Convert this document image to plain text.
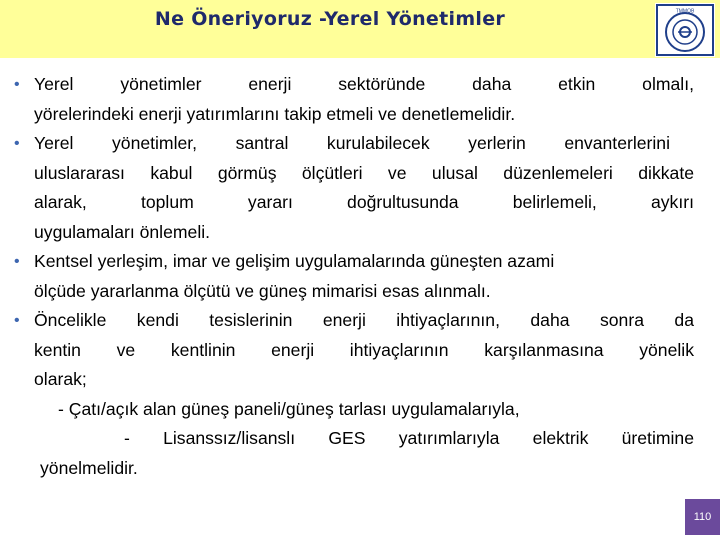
Ne Öneriyoruz -Yerel Yönetimler	TMMOB
• Yerel yönetimler enerji sektöründe daha etkin olmalı,
yörelerindeki enerji yatırımlarını takip etmeli ve denetlemelidir.
• Yerel yönetimler, santral kurulabilecek yerlerin envanterlerini
uluslararası kabul görmüş ölçütleri ve ulusal düzenlemeleri dikkate
alarak, toplum yararı doğrultusunda belirlemeli, aykırı
uygulamaları önlemeli.
• Kentsel yerleşim, imar ve gelişim uygulamalarında güneşten azami
ölçüde yararlanma ölçütü ve güneş mimarisi esas alınmalı.
• Öncelikle kendi tesislerinin enerji ihtiyaçlarının, daha sonra da
kentin ve kentlinin enerji ihtiyaçlarının karşılanmasına yönelik
olarak;
- Çatı/açık alan güneş paneli/güneş tarlası uygulamalarıyla,
- Lisanssız/lisanslı GES yatırımlarıyla elektrik üretimine
yönelmelidir.
110
